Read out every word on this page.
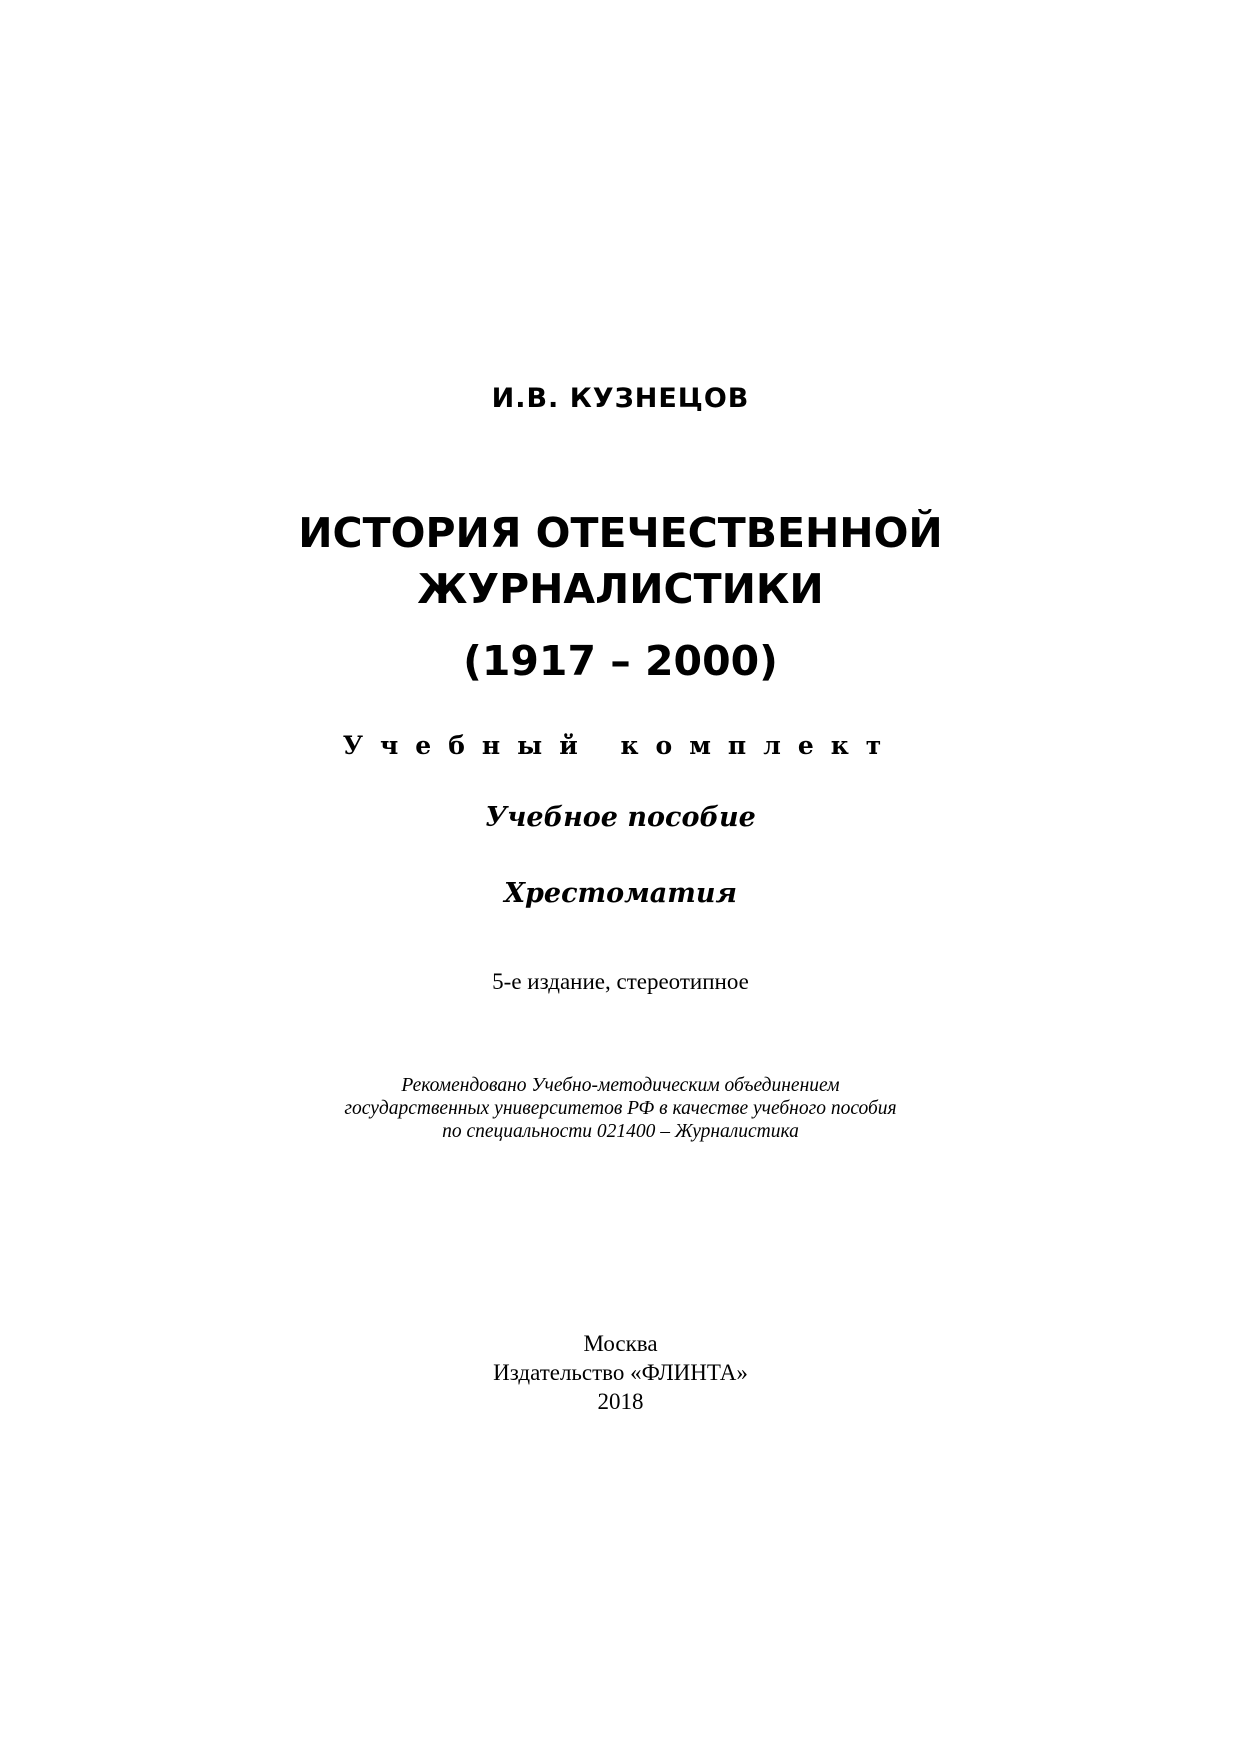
И.В. КУЗНЕЦОВ
ИСТОРИЯ ОТЕЧЕСТВЕННОЙ
ЖУРНАЛИСТИКИ
(1917 – 2000)
Учебный комплект
Учебное пособие
Хрестоматия
5-е издание, стереотипное
Рекомендовано Учебно-методическим объединением
государственных университетов РФ в качестве учебного пособия
по специальности 021400 – Журналистика
Москва
Издательство «ФЛИНТА»
2018
